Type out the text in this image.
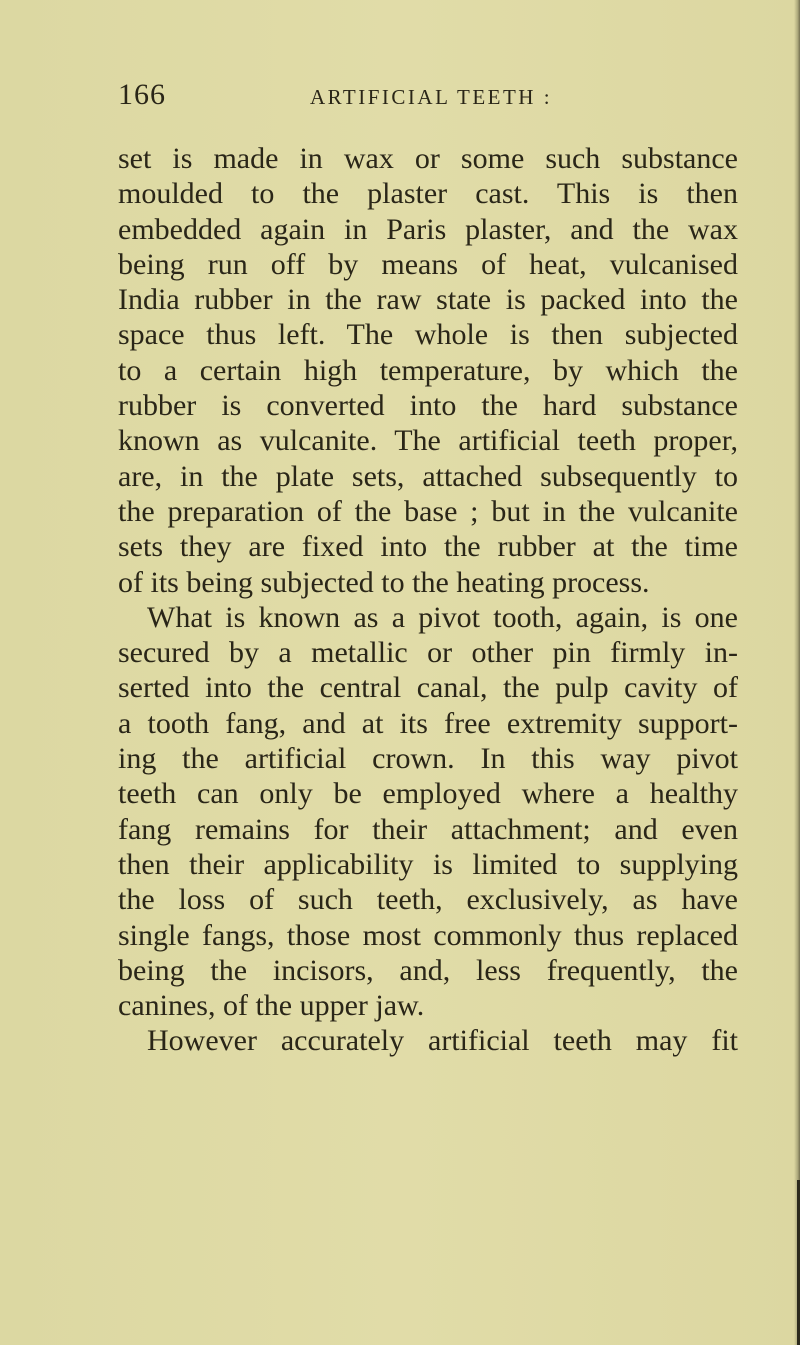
166	ARTIFICIAL TEETH :
set is made in wax or some such substance
moulded to the plaster cast. This is then
embedded again in Paris plaster, and the wax
being run off by means of heat, vulcanised
India rubber in the raw state is packed into the
space thus left. The whole is then subjected
to a certain high temperature, by which the
rubber is converted into the hard substance
known as vulcanite. The artificial teeth proper,
are, in the plate sets, attached subsequently to
the preparation of the base ; but in the vulcanite
sets they are fixed into the rubber at the time
of its being subjected to the heating process.
What is known as a pivot tooth, again, is one
secured by a metallic or other pin firmly in-
serted into the central canal, the pulp cavity of
a tooth fang, and at its free extremity support-
ing the artificial crown. In this way pivot
teeth can only be employed where a healthy
fang remains for their attachment; and even
then their applicability is limited to supplying
the loss of such teeth, exclusively, as have
single fangs, those most commonly thus replaced
being the incisors, and, less frequently, the
canines, of the upper jaw.
However accurately artificial teeth may fit
